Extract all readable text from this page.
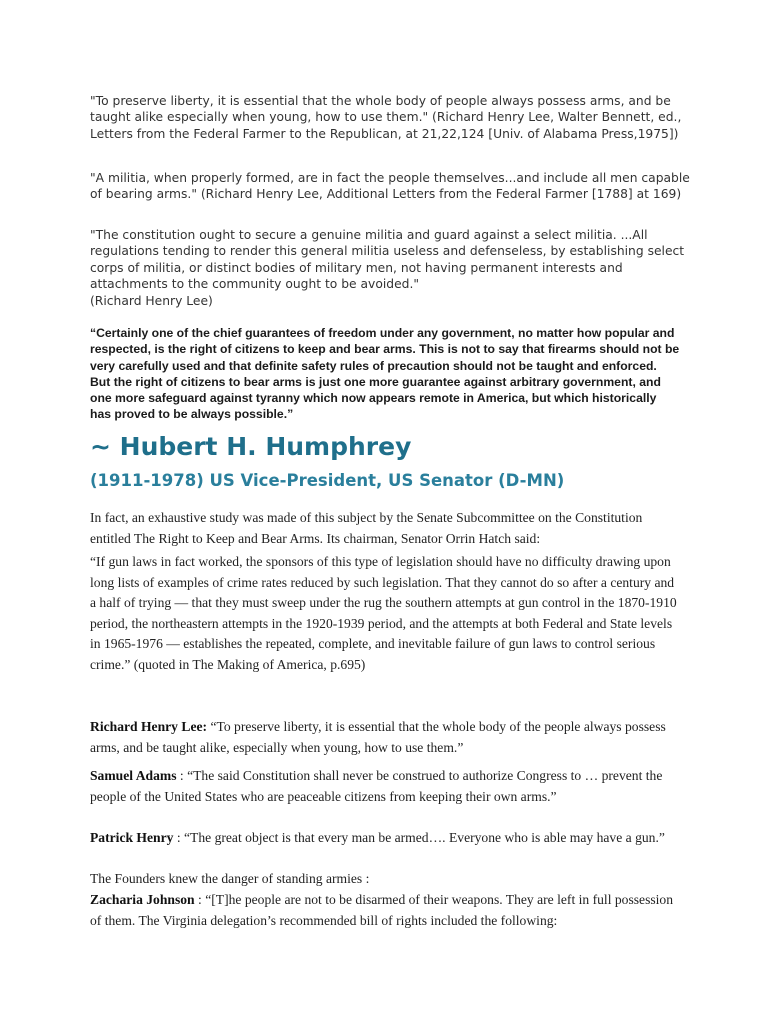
"To preserve liberty, it is essential that the whole body of people always possess arms, and be taught alike especially when young, how to use them." (Richard Henry Lee, Walter Bennett, ed., Letters from the Federal Farmer to the Republican, at 21,22,124 [Univ. of Alabama Press,1975])

"A militia, when properly formed, are in fact the people themselves...and include all men capable of bearing arms." (Richard Henry Lee, Additional Letters from the Federal Farmer [1788] at 169)

"The constitution ought to secure a genuine militia and guard against a select militia. ...All regulations tending to render this general militia useless and defenseless, by establishing select corps of militia, or distinct bodies of military men, not having permanent interests and attachments to the community ought to be avoided."
(Richard Henry Lee)

“Certainly one of the chief guarantees of freedom under any government, no matter how popular and respected, is the right of citizens to keep and bear arms. This is not to say that firearms should not be very carefully used and that definite safety rules of precaution should not be taught and enforced. But the right of citizens to bear arms is just one more guarantee against arbitrary government, and one more safeguard against tyranny which now appears remote in America, but which historically has proved to be always possible.”

~ Hubert H. Humphrey
(1911-1978) US Vice-President, US Senator (D-MN)

In fact, an exhaustive study was made of this subject by the Senate Subcommittee on the Constitution entitled The Right to Keep and Bear Arms. Its chairman, Senator Orrin Hatch said:

“If gun laws in fact worked, the sponsors of this type of legislation should have no difficulty drawing upon long lists of examples of crime rates reduced by such legislation. That they cannot do so after a century and a half of trying — that they must sweep under the rug the southern attempts at gun control in the 1870-1910 period, the northeastern attempts in the 1920-1939 period, and the attempts at both Federal and State levels in 1965-1976 — establishes the repeated, complete, and inevitable failure of gun laws to control serious crime.” (quoted in The Making of America, p.695)

Richard Henry Lee: “To preserve liberty, it is essential that the whole body of the people always possess arms, and be taught alike, especially when young, how to use them.”

Samuel Adams : “The said Constitution shall never be construed to authorize Congress to … prevent the people of the United States who are peaceable citizens from keeping their own arms.”

Patrick Henry : “The great object is that every man be armed…. Everyone who is able may have a gun.”

The Founders knew the danger of standing armies :

Zacharia Johnson : “[T]he people are not to be disarmed of their weapons. They are left in full possession of them. The Virginia delegation’s recommended bill of rights included the following:
